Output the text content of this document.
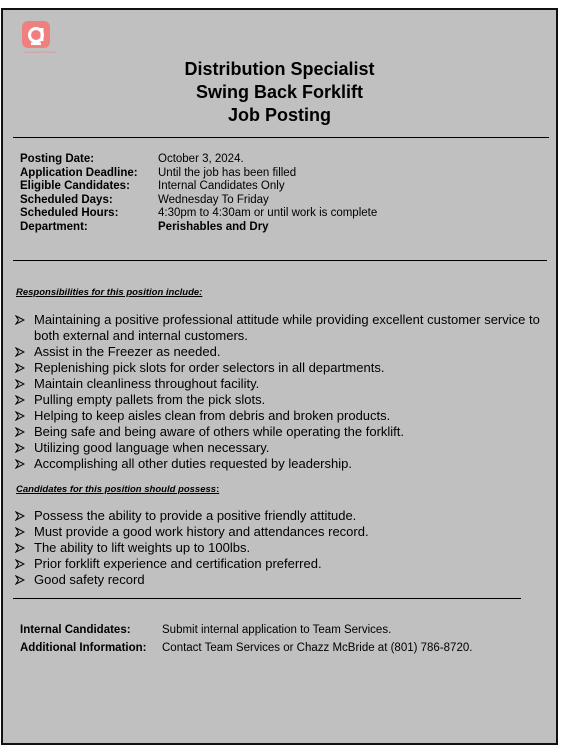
Associated Food Stores
Distribution Specialist
Swing Back Forklift
Job Posting
Posting Date:	October 3, 2024.
Application Deadline:	Until the job has been filled
Eligible Candidates:	Internal Candidates Only
Scheduled Days:	Wednesday To Friday
Scheduled Hours:	4:30pm to 4:30am or until work is complete
Department:	Perishables and Dry
Responsibilities for this position include:
Maintaining a positive professional attitude while providing excellent customer service to both external and internal customers.
Assist in the Freezer as needed.
Replenishing pick slots for order selectors in all departments.
Maintain cleanliness throughout facility.
Pulling empty pallets from the pick slots.
Helping to keep aisles clean from debris and broken products.
Being safe and being aware of others while operating the forklift.
Utilizing good language when necessary.
Accomplishing all other duties requested by leadership.
Candidates for this position should possess:
Possess the ability to provide a positive friendly attitude.
Must provide a good work history and attendances record.
The ability to lift weights up to 100lbs.
Prior forklift experience and certification preferred.
Good safety record
Internal Candidates:	Submit internal application to Team Services.
Additional Information:	Contact Team Services or Chazz McBride at (801) 786-8720.
